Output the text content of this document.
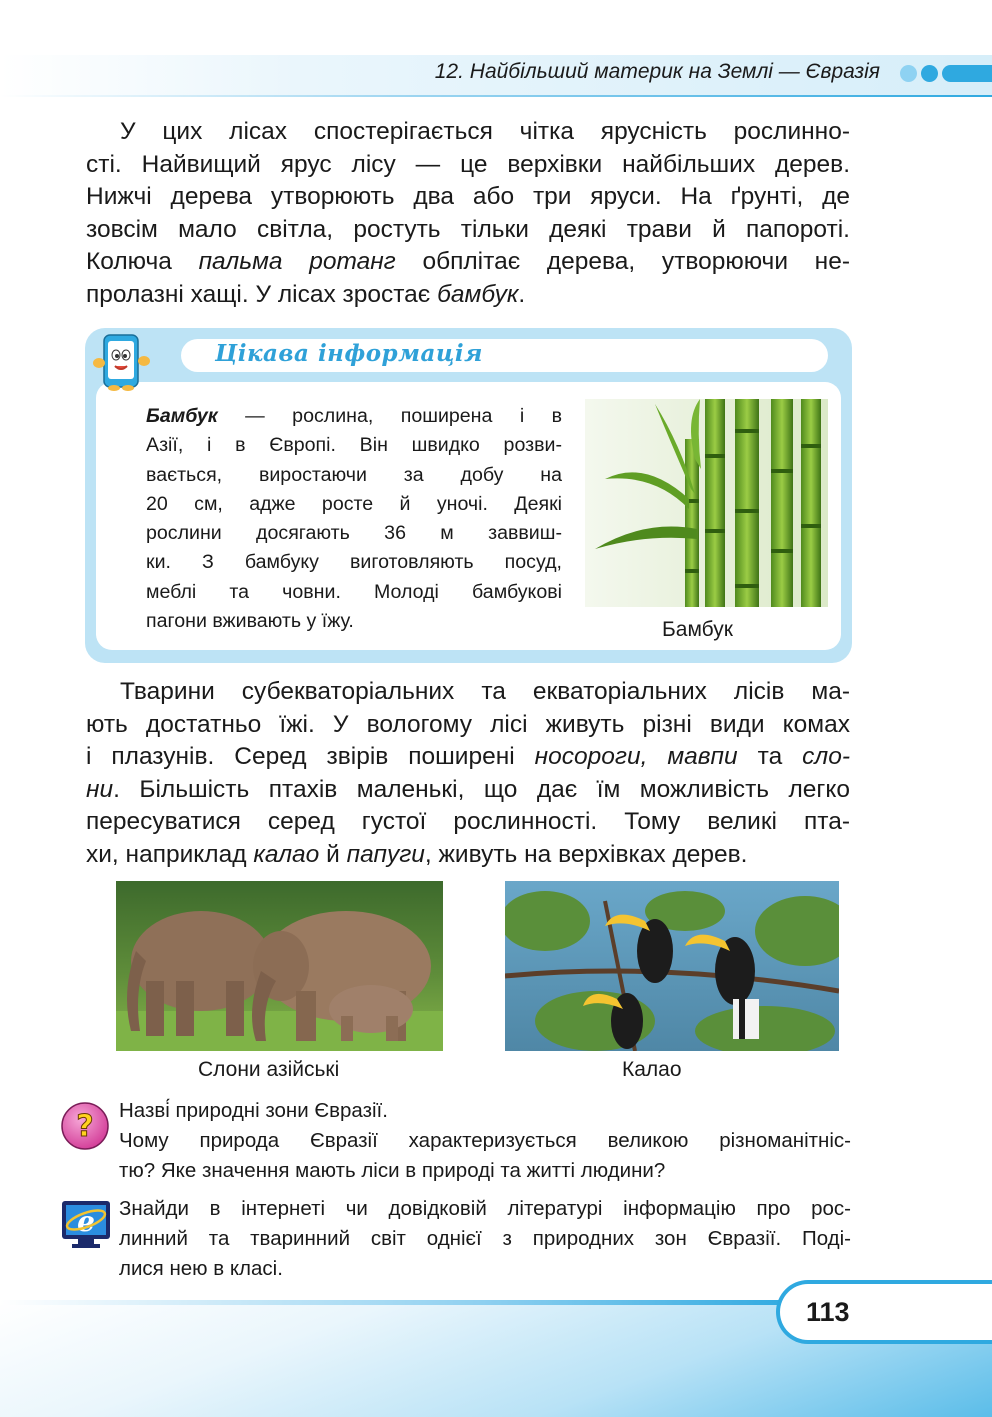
12. Найбільший материк на Землі — Євразія
У цих лісах спостерігається чітка ярусність рослинно-
сті. Найвищий ярус лісу — це верхівки найбільших дерев.
Нижчі дерева утворюють два або три яруси. На ґрунті, де
зовсім мало світла, ростуть тільки деякі трави й папороті.
Колюча пальма ротанг обплітає дерева, утворюючи не-
пролазні хащі. У лісах зростає бамбук.
Цікава інформація
Бамбук — рослина, поширена і в
Азії, і в Європі. Він швидко розви-
вається, виростаючи за добу на
20 см, адже росте й уночі. Деякі
рослини досягають 36 м заввиш-
ки. З бамбуку виготовляють посуд,
меблі та човни. Молоді бамбукові
пагони вживають у їжу.	Бамбук
Тварини субекваторіальних та екваторіальних лісів ма-
ють достатньо їжі. У вологому лісі живуть різні види комах
і плазунів. Серед звірів поширені носороги, мавпи та сло-
ни. Більшість птахів маленькі, що дає їм можливість легко
пересуватися серед густої рослинності. Тому великі пта-
хи, наприклад калао й папуги, живуть на верхівках дерев.
Слони азійські	Калао
? Назві́ природні зони Євразії.
Чому природа Євразії характеризується великою різноманітніс-
тю? Яке значення мають ліси в природі та житті людини?
e Знайди в інтернеті чи довідковій літературі інформацію про рос-
линний та тваринний світ однієї з природних зон Євразії. Поді-
лися нею в класі.
113
